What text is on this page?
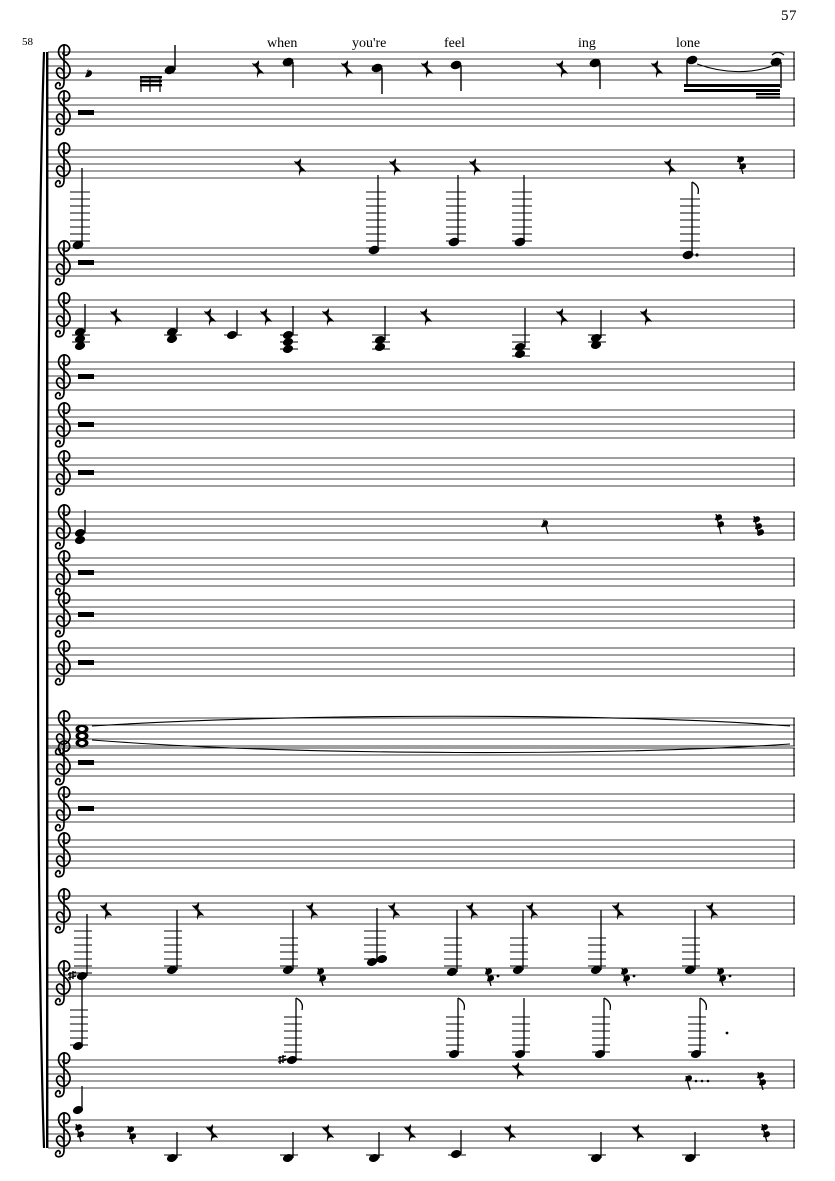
57
58	when	you're	feel	ing	lone
